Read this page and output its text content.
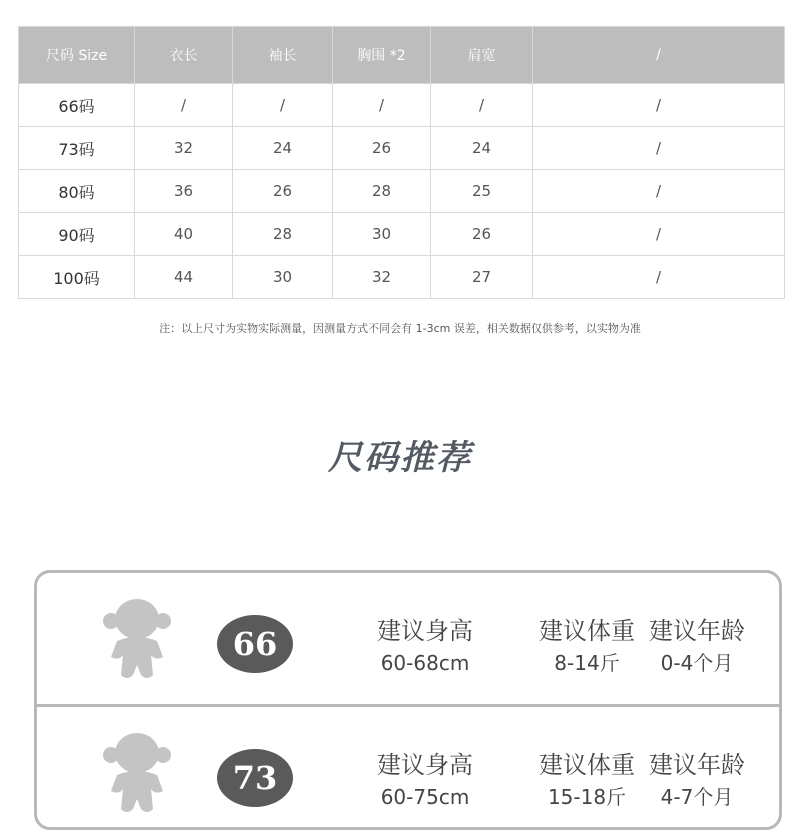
尺码 Size	衣长	袖长	胸围 *2	肩宽	/
66码	/	/	/	/	/
73码	32	24	26	24	/
80码	36	26	28	25	/
90码	40	28	30	26	/
100码	44	30	32	27	/
注：以上尺寸为实物实际测量，因测量方式不同会有 1-3cm 误差，相关数据仅供参考，以实物为准
尺码推荐
66	建议身高
60-68cm
建议体重
8-14斤
建议年龄
0-4个月
73	建议身高
60-75cm
建议体重
15-18斤
建议年龄
4-7个月
